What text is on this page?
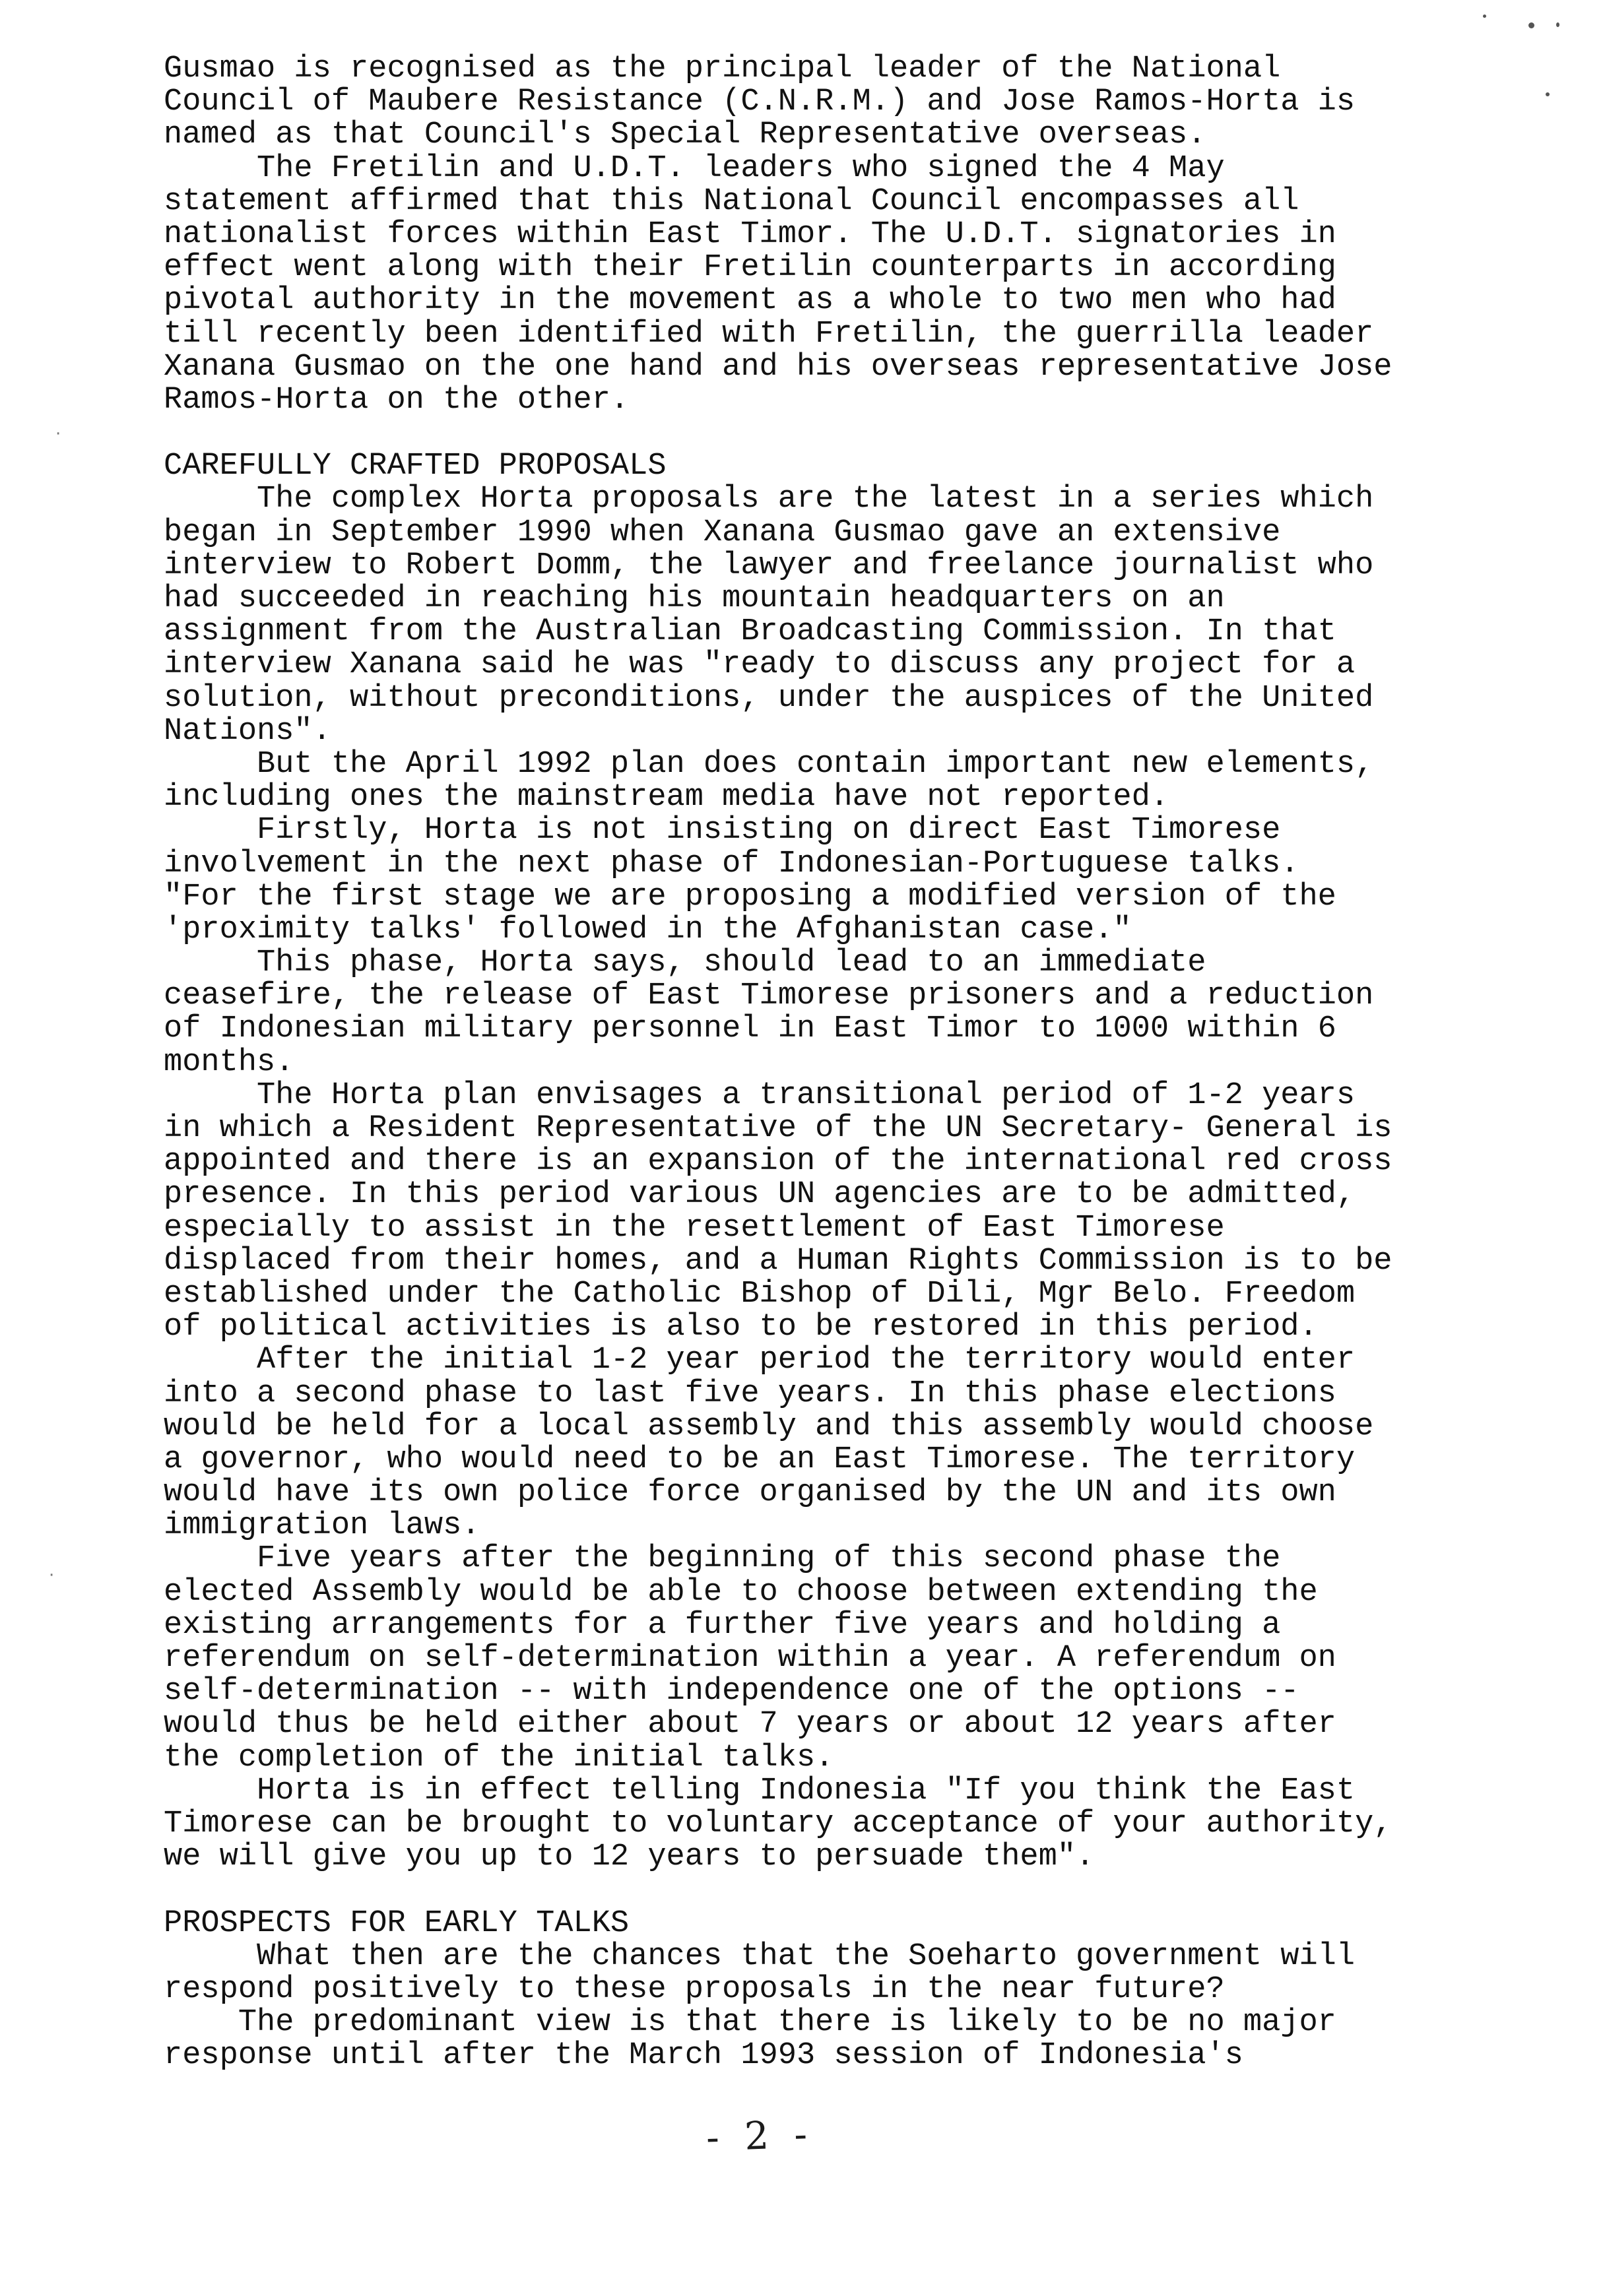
Gusmao is recognised as the principal leader of the National
Council of Maubere Resistance (C.N.R.M.) and Jose Ramos-Horta is
named as that Council's Special Representative overseas.
The Fretilin and U.D.T. leaders who signed the 4 May
statement affirmed that this National Council encompasses all
nationalist forces within East Timor. The U.D.T. signatories in
effect went along with their Fretilin counterparts in according
pivotal authority in the movement as a whole to two men who had
till recently been identified with Fretilin, the guerrilla leader
Xanana Gusmao on the one hand and his overseas representative Jose
Ramos-Horta on the other.
CAREFULLY CRAFTED PROPOSALS
The complex Horta proposals are the latest in a series which
began in September 1990 when Xanana Gusmao gave an extensive
interview to Robert Domm, the lawyer and freelance journalist who
had succeeded in reaching his mountain headquarters on an
assignment from the Australian Broadcasting Commission. In that
interview Xanana said he was "ready to discuss any project for a
solution, without preconditions, under the auspices of the United
Nations".
But the April 1992 plan does contain important new elements,
including ones the mainstream media have not reported.
Firstly, Horta is not insisting on direct East Timorese
involvement in the next phase of Indonesian-Portuguese talks.
"For the first stage we are proposing a modified version of the
'proximity talks' followed in the Afghanistan case."
This phase, Horta says, should lead to an immediate
ceasefire, the release of East Timorese prisoners and a reduction
of Indonesian military personnel in East Timor to 1000 within 6
months.
The Horta plan envisages a transitional period of 1-2 years
in which a Resident Representative of the UN Secretary- General is
appointed and there is an expansion of the international red cross
presence. In this period various UN agencies are to be admitted,
especially to assist in the resettlement of East Timorese
displaced from their homes, and a Human Rights Commission is to be
established under the Catholic Bishop of Dili, Mgr Belo. Freedom
of political activities is also to be restored in this period.
After the initial 1-2 year period the territory would enter
into a second phase to last five years. In this phase elections
would be held for a local assembly and this assembly would choose
a governor, who would need to be an East Timorese. The territory
would have its own police force organised by the UN and its own
immigration laws.
Five years after the beginning of this second phase the
elected Assembly would be able to choose between extending the
existing arrangements for a further five years and holding a
referendum on self-determination within a year. A referendum on
self-determination -- with independence one of the options --
would thus be held either about 7 years or about 12 years after
the completion of the initial talks.
Horta is in effect telling Indonesia "If you think the East
Timorese can be brought to voluntary acceptance of your authority,
we will give you up to 12 years to persuade them".
PROSPECTS FOR EARLY TALKS
What then are the chances that the Soeharto government will
respond positively to these proposals in the near future?
The predominant view is that there is likely to be no major
response until after the March 1993 session of Indonesia's
- 2 -
·
·
